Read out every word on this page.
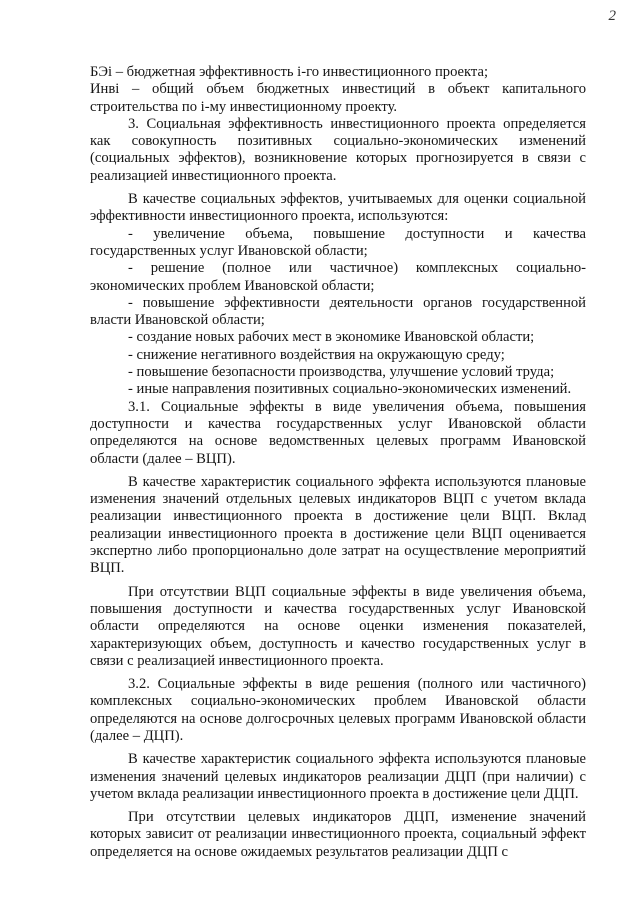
2

БЭi – бюджетная эффективность i-го инвестиционного проекта;

Инвi – общий объем бюджетных инвестиций в объект капитального строительства по i-му инвестиционному проекту.

3. Социальная эффективность инвестиционного проекта определяется как совокупность позитивных социально-экономических изменений (социальных эффектов), возникновение которых прогнозируется в связи с реализацией инвестиционного проекта.

В качестве социальных эффектов, учитываемых для оценки социальной эффективности инвестиционного проекта, используются:

- увеличение объема, повышение доступности и качества государственных услуг Ивановской области;

- решение (полное или частичное) комплексных социально-экономических проблем Ивановской области;

- повышение эффективности деятельности органов государственной власти Ивановской области;

- создание новых рабочих мест в экономике Ивановской области;

- снижение негативного воздействия на окружающую среду;

- повышение безопасности производства, улучшение условий труда;

- иные направления позитивных социально-экономических изменений.

3.1. Социальные эффекты в виде увеличения объема, повышения доступности и качества государственных услуг Ивановской области определяются на основе ведомственных целевых программ Ивановской области (далее – ВЦП).

В качестве характеристик социального эффекта используются плановые изменения значений отдельных целевых индикаторов ВЦП с учетом вклада реализации инвестиционного проекта в достижение цели ВЦП. Вклад реализации инвестиционного проекта в достижение цели ВЦП оценивается экспертно либо пропорционально доле затрат на осуществление мероприятий ВЦП.

При отсутствии ВЦП социальные эффекты в виде увеличения объема, повышения доступности и качества государственных услуг Ивановской области определяются на основе оценки изменения показателей, характеризующих объем, доступность и качество государственных услуг в связи с реализацией инвестиционного проекта.

3.2. Социальные эффекты в виде решения (полного или частичного) комплексных социально-экономических проблем Ивановской области определяются на основе долгосрочных целевых программ Ивановской области (далее – ДЦП).

В качестве характеристик социального эффекта используются плановые изменения значений целевых индикаторов реализации ДЦП (при наличии) с учетом вклада реализации инвестиционного проекта в достижение цели ДЦП.

При отсутствии целевых индикаторов ДЦП, изменение значений которых зависит от реализации инвестиционного проекта, социальный эффект определяется на основе ожидаемых результатов реализации ДЦП с
